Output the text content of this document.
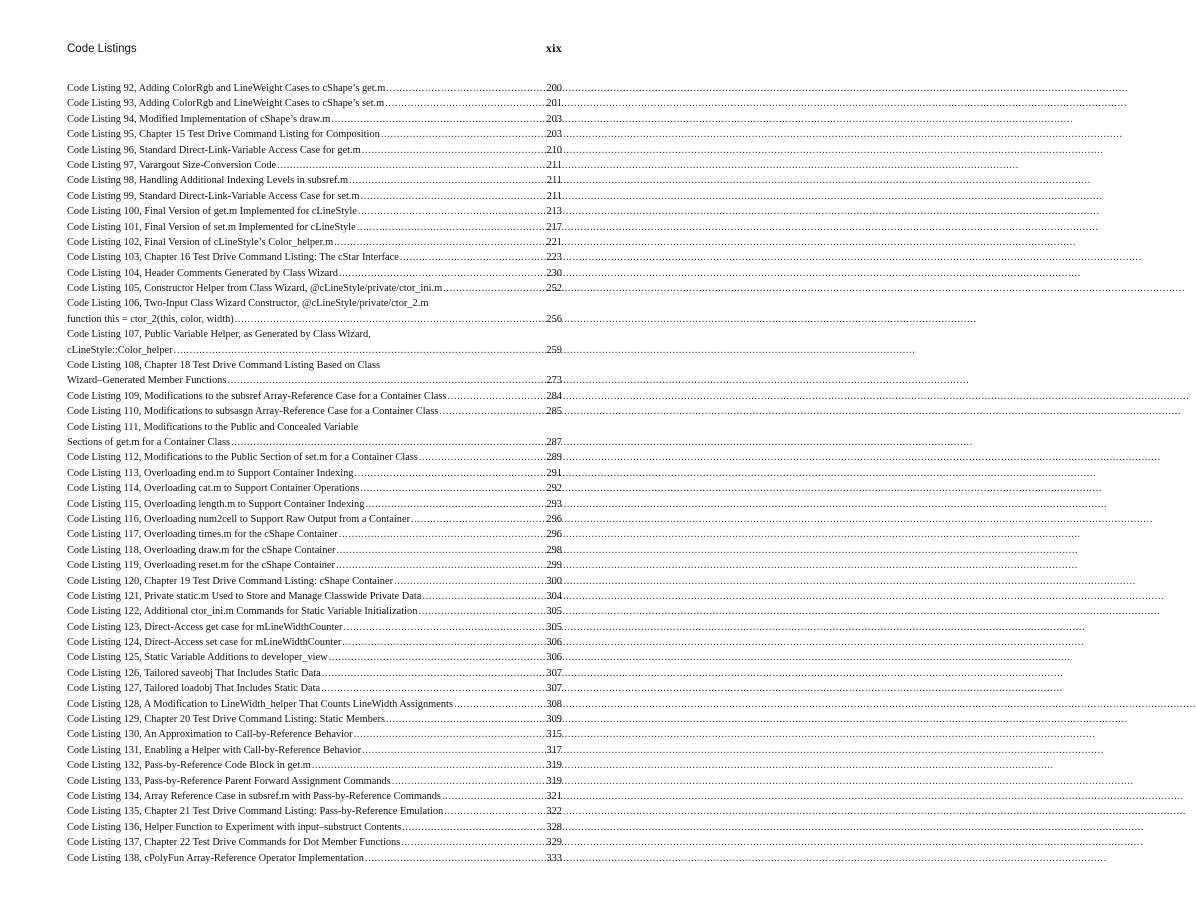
Code Listings	xix
Code Listing 92, Adding ColorRgb and LineWeight Cases to cShape’s get.m .....	200
Code Listing 93, Adding ColorRgb and LineWeight Cases to cShape’s set.m .....	201
Code Listing 94, Modified Implementation of cShape’s draw.m .....	203
Code Listing 95, Chapter 15 Test Drive Command Listing for Composition .....	203
Code Listing 96, Standard Direct-Link-Variable Access Case for get.m .....	210
Code Listing 97, Varargout Size-Conversion Code .....	211
Code Listing 98, Handling Additional Indexing Levels in subsref.m .....	211
Code Listing 99, Standard Direct-Link-Variable Access Case for set.m .....	211
Code Listing 100, Final Version of get.m Implemented for cLineStyle .....	213
Code Listing 101, Final Version of set.m Implemented for cLineStyle .....	217
Code Listing 102, Final Version of cLineStyle’s Color_helper.m .....	221
Code Listing 103, Chapter 16 Test Drive Command Listing: The cStar Interface .....	223
Code Listing 104, Header Comments Generated by Class Wizard .....	230
Code Listing 105, Constructor Helper from Class Wizard, @cLineStyle/private/ctor_ini.m .....	252
Code Listing 106, Two-Input Class Wizard Constructor, @cLineStyle/private/ctor_2.m
function this = ctor_2(this, color, width) .....	256
Code Listing 107, Public Variable Helper, as Generated by Class Wizard,
cLineStyle::Color_helper .....	259
Code Listing 108, Chapter 18 Test Drive Command Listing Based on Class
Wizard–Generated Member Functions .....	273
Code Listing 109, Modifications to the subsref Array-Reference Case for a Container Class .....	284
Code Listing 110, Modifications to subsasgn Array-Reference Case for a Container Class .....	285
Code Listing 111, Modifications to the Public and Concealed Variable
Sections of get.m for a Container Class .....	287
Code Listing 112, Modifications to the Public Section of set.m for a Container Class .....	289
Code Listing 113, Overloading end.m to Support Container Indexing .....	291
Code Listing 114, Overloading cat.m to Support Container Operations .....	292
Code Listing 115, Overloading length.m to Support Container Indexing .....	293
Code Listing 116, Overloading num2cell to Support Raw Output from a Container .....	296
Code Listing 117, Overloading times.m for the cShape Container .....	296
Code Listing 118, Overloading draw.m for the cShape Container .....	298
Code Listing 119, Overloading reset.m for the cShape Container .....	299
Code Listing 120, Chapter 19 Test Drive Command Listing: cShape Container .....	300
Code Listing 121, Private static.m Used to Store and Manage Classwide Private Data .....	304
Code Listing 122, Additional ctor_ini.m Commands for Static Variable Initialization .....	305
Code Listing 123, Direct-Access get case for mLineWidthCounter .....	305
Code Listing 124, Direct-Access set case for mLineWidthCounter .....	306
Code Listing 125, Static Variable Additions to developer_view .....	306
Code Listing 126, Tailored saveobj That Includes Static Data .....	307
Code Listing 127, Tailored loadobj That Includes Static Data .....	307
Code Listing 128, A Modification to LineWidth_helper That Counts LineWidth Assignments .....	308
Code Listing 129, Chapter 20 Test Drive Command Listing: Static Members .....	309
Code Listing 130, An Approximation to Call-by-Reference Behavior .....	315
Code Listing 131, Enabling a Helper with Call-by-Reference Behavior .....	317
Code Listing 132, Pass-by-Reference Code Block in get.m .....	319
Code Listing 133, Pass-by-Reference Parent Forward Assignment Commands .....	319
Code Listing 134, Array Reference Case in subsref.m with Pass-by-Reference Commands .....	321
Code Listing 135, Chapter 21 Test Drive Command Listing: Pass-by-Reference Emulation .....	322
Code Listing 136, Helper Function to Experiment with input–substruct Contents .....	328
Code Listing 137, Chapter 22 Test Drive Commands for Dot Member Functions .....	329
Code Listing 138, cPolyFun Array-Reference Operator Implementation .....	333
